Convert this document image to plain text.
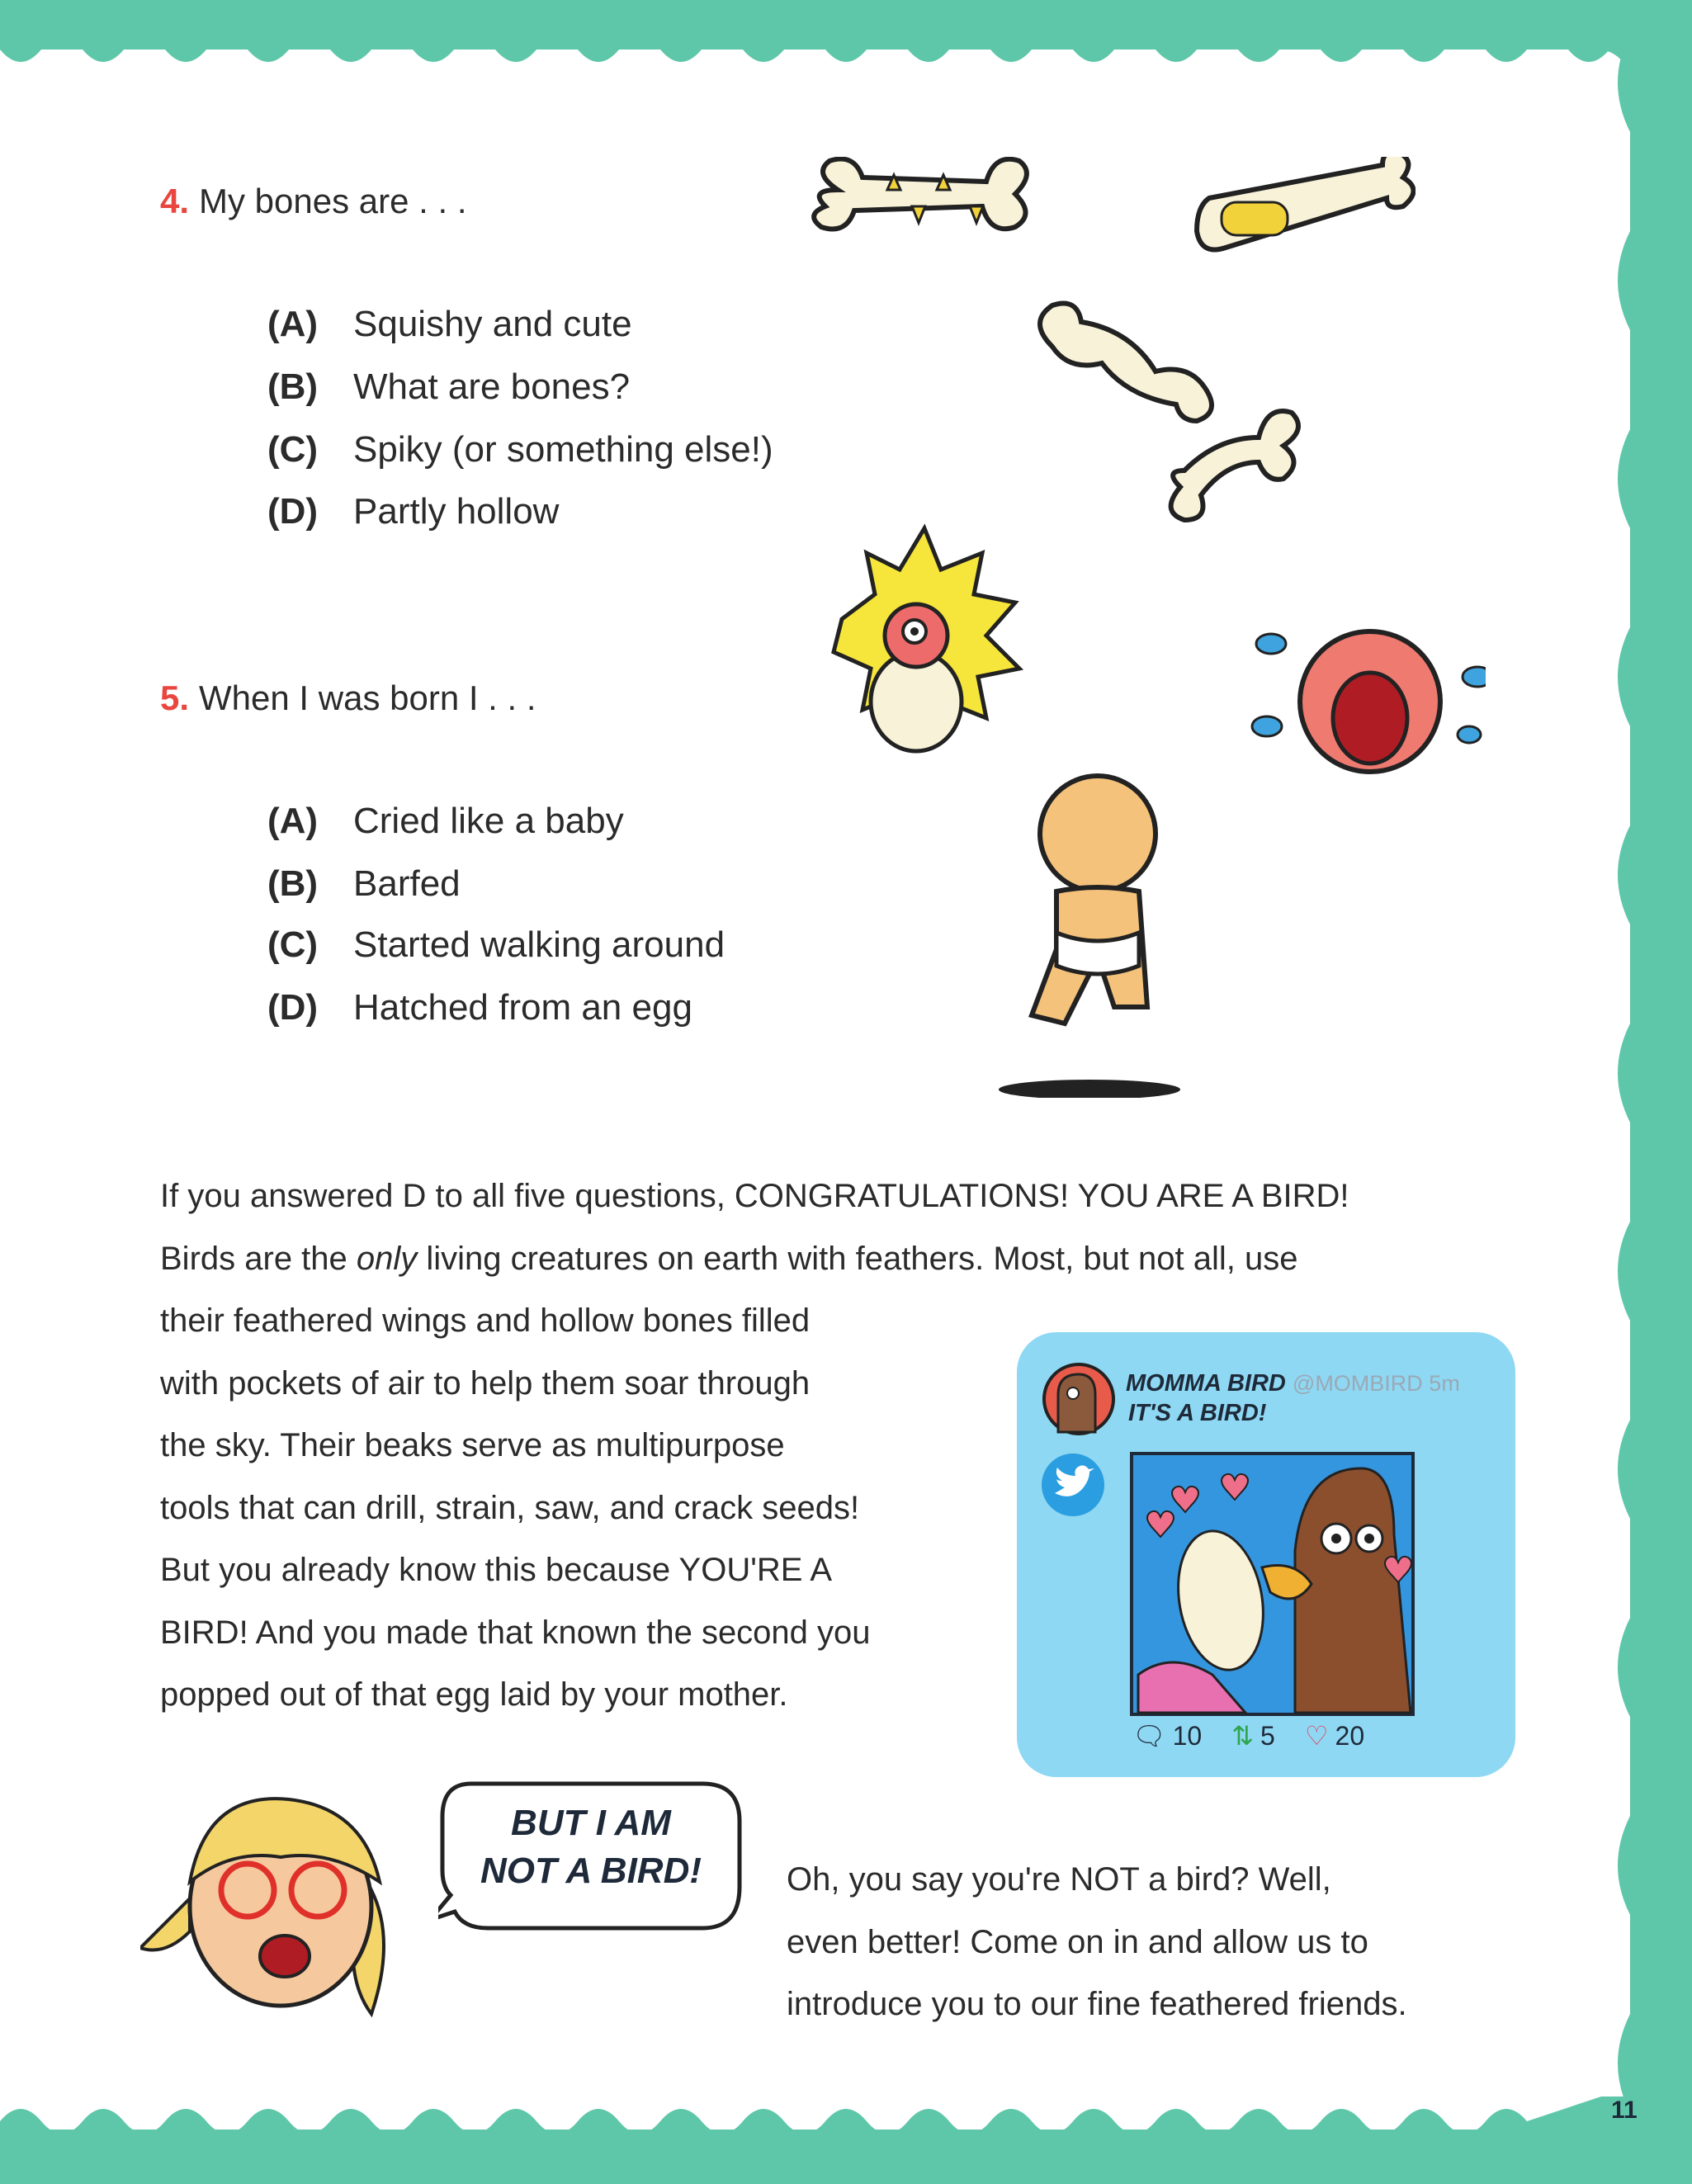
4. My bones are . . .
(A) Squishy and cute
(B) What are bones?
(C) Spiky (or something else!)
(D) Partly hollow
5. When I was born I . . .
(A) Cried like a baby
(B) Barfed
(C) Started walking around
(D) Hatched from an egg

If you answered D to all five questions, CONGRATULATIONS! YOU ARE A BIRD!

Birds are the only living creatures on earth with feathers. Most, but not all, use

their feathered wings and hollow bones filled

with pockets of air to help them soar through

the sky. Their beaks serve as multipurpose

tools that can drill, strain, saw, and crack seeds!

But you already know this because YOU'RE A

BIRD! And you made that known the second you

popped out of that egg laid by your mother.

MOMMA BIRD @MOMBIRD 5m
IT'S A BIRD!
🗨 10 ⇅ 5 ♡ 20
BUT I AM
NOT A BIRD!	Oh, you say you're NOT a bird? Well,

even better! Come on in and allow us to

introduce you to our fine feathered friends.

11
